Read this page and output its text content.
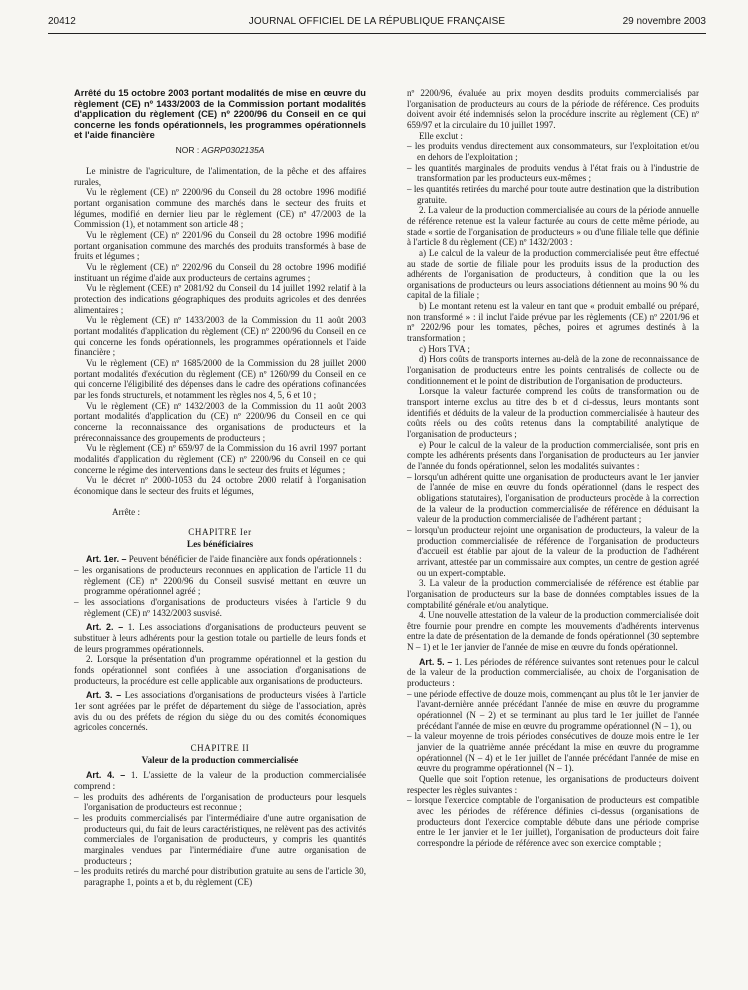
20412	JOURNAL OFFICIEL DE LA RÉPUBLIQUE FRANÇAISE	29 novembre 2003

Arrêté du 15 octobre 2003 portant modalités de mise en œuvre du règlement (CE) nº 1433/2003 de la Commission portant modalités d'application du règlement (CE) nº 2200/96 du Conseil en ce qui concerne les fonds opérationnels, les programmes opérationnels et l'aide financière

NOR : AGRP0302135A

Le ministre de l'agriculture, de l'alimentation, de la pêche et des affaires rurales,

Vu le règlement (CE) nº 2200/96 du Conseil du 28 octobre 1996 modifié portant organisation commune des marchés dans le secteur des fruits et légumes, modifié en dernier lieu par le règlement (CE) nº 47/2003 de la Commission (1), et notamment son article 48 ;

Vu le règlement (CE) nº 2201/96 du Conseil du 28 octobre 1996 modifié portant organisation commune des marchés des produits transformés à base de fruits et légumes ;

Vu le règlement (CE) nº 2202/96 du Conseil du 28 octobre 1996 modifié instituant un régime d'aide aux producteurs de certains agrumes ;

Vu le règlement (CEE) nº 2081/92 du Conseil du 14 juillet 1992 relatif à la protection des indications géographiques des produits agricoles et des denrées alimentaires ;

Vu le règlement (CE) nº 1433/2003 de la Commission du 11 août 2003 portant modalités d'application du règlement (CE) nº 2200/96 du Conseil en ce qui concerne les fonds opérationnels, les programmes opérationnels et l'aide financière ;

Vu le règlement (CE) nº 1685/2000 de la Commission du 28 juillet 2000 portant modalités d'exécution du règlement (CE) nº 1260/99 du Conseil en ce qui concerne l'éligibilité des dépenses dans le cadre des opérations cofinancées par les fonds structurels, et notamment les règles nos 4, 5, 6 et 10 ;

Vu le règlement (CE) nº 1432/2003 de la Commission du 11 août 2003 portant modalités d'application du (CE) nº 2200/96 du Conseil en ce qui concerne la reconnaissance des organisations de producteurs et la préreconnaissance des groupements de producteurs ;

Vu le règlement (CE) nº 659/97 de la Commission du 16 avril 1997 portant modalités d'application du règlement (CE) nº 2200/96 du Conseil en ce qui concerne le régime des interventions dans le secteur des fruits et légumes ;

Vu le décret nº 2000-1053 du 24 octobre 2000 relatif à l'organisation économique dans le secteur des fruits et légumes,

Arrête :

CHAPITRE Ier

Les bénéficiaires

Art. 1er. – Peuvent bénéficier de l'aide financière aux fonds opérationnels :

– les organisations de producteurs reconnues en application de l'article 11 du règlement (CE) nº 2200/96 du Conseil susvisé mettant en œuvre un programme opérationnel agréé ;

– les associations d'organisations de producteurs visées à l'article 9 du règlement (CE) nº 1432/2003 susvisé.

Art. 2. – 1. Les associations d'organisations de producteurs peuvent se substituer à leurs adhérents pour la gestion totale ou partielle de leurs fonds et de leurs programmes opérationnels.

2. Lorsque la présentation d'un programme opérationnel et la gestion du fonds opérationnel sont confiées à une association d'organisations de producteurs, la procédure est celle applicable aux organisations de producteurs.

Art. 3. – Les associations d'organisations de producteurs visées à l'article 1er sont agréées par le préfet de département du siège de l'association, après avis du ou des préfets de région du siège du ou des comités économiques agricoles concernés.

CHAPITRE II

Valeur de la production commercialisée

Art. 4. – 1. L'assiette de la valeur de la production commercialisée comprend :

– les produits des adhérents de l'organisation de producteurs pour lesquels l'organisation de producteurs est reconnue ;

– les produits commercialisés par l'intermédiaire d'une autre organisation de producteurs qui, du fait de leurs caractéristiques, ne relèvent pas des activités commerciales de l'organisation de producteurs, y compris les quantités marginales vendues par l'intermédiaire d'une autre organisation de producteurs ;

– les produits retirés du marché pour distribution gratuite au sens de l'article 30, paragraphe 1, points a et b, du règlement (CE)

nº 2200/96, évaluée au prix moyen desdits produits commercialisés par l'organisation de producteurs au cours de la période de référence. Ces produits doivent avoir été indemnisés selon la procédure inscrite au règlement (CE) nº 659/97 et la circulaire du 10 juillet 1997.

Elle exclut :

– les produits vendus directement aux consommateurs, sur l'exploitation et/ou en dehors de l'exploitation ;

– les quantités marginales de produits vendus à l'état frais ou à l'industrie de transformation par les producteurs eux-mêmes ;

– les quantités retirées du marché pour toute autre destination que la distribution gratuite.

2. La valeur de la production commercialisée au cours de la période annuelle de référence retenue est la valeur facturée au cours de cette même période, au stade « sortie de l'organisation de producteurs » ou d'une filiale telle que définie à l'article 8 du règlement (CE) nº 1432/2003 :

a) Le calcul de la valeur de la production commercialisée peut être effectué au stade de sortie de filiale pour les produits issus de la production des adhérents de l'organisation de producteurs, à condition que la ou les organisations de producteurs ou leurs associations détiennent au moins 90 % du capital de la filiale ;

b) Le montant retenu est la valeur en tant que « produit emballé ou préparé, non transformé » : il inclut l'aide prévue par les règlements (CE) nº 2201/96 et nº 2202/96 pour les tomates, pêches, poires et agrumes destinés à la transformation ;

c) Hors TVA ;

d) Hors coûts de transports internes au-delà de la zone de reconnaissance de l'organisation de producteurs entre les points centralisés de collecte ou de conditionnement et le point de distribution de l'organisation de producteurs.

Lorsque la valeur facturée comprend les coûts de transformation ou de transport interne exclus au titre des b et d ci-dessus, leurs montants sont identifiés et déduits de la valeur de la production commercialisée à hauteur des coûts réels ou des coûts retenus dans la comptabilité analytique de l'organisation de producteurs ;

e) Pour le calcul de la valeur de la production commercialisée, sont pris en compte les adhérents présents dans l'organisation de producteurs au 1er janvier de l'année du fonds opérationnel, selon les modalités suivantes :

– lorsqu'un adhérent quitte une organisation de producteurs avant le 1er janvier de l'année de mise en œuvre du fonds opérationnel (dans le respect des obligations statutaires), l'organisation de producteurs procède à la correction de la valeur de la production commercialisée de référence en déduisant la valeur de la production commercialisée de l'adhérent partant ;

– lorsqu'un producteur rejoint une organisation de producteurs, la valeur de la production commercialisée de référence de l'organisation de producteurs d'accueil est établie par ajout de la valeur de la production de l'adhérent arrivant, attestée par un commissaire aux comptes, un centre de gestion agréé ou un expert-comptable.

3. La valeur de la production commercialisée de référence est établie par l'organisation de producteurs sur la base de données comptables issues de la comptabilité générale et/ou analytique.

4. Une nouvelle attestation de la valeur de la production commercialisée doit être fournie pour prendre en compte les mouvements d'adhérents intervenus entre la date de présentation de la demande de fonds opérationnel (30 septembre N – 1) et le 1er janvier de l'année de mise en œuvre du fonds opérationnel.

Art. 5. – 1. Les périodes de référence suivantes sont retenues pour le calcul de la valeur de la production commercialisée, au choix de l'organisation de producteurs :

– une période effective de douze mois, commençant au plus tôt le 1er janvier de l'avant-dernière année précédant l'année de mise en œuvre du programme opérationnel (N – 2) et se terminant au plus tard le 1er juillet de l'année précédant l'année de mise en œuvre du programme opérationnel (N – 1), ou

– la valeur moyenne de trois périodes consécutives de douze mois entre le 1er janvier de la quatrième année précédant la mise en œuvre du programme opérationnel (N – 4) et le 1er juillet de l'année précédant l'année de mise en œuvre du programme opérationnel (N – 1).

Quelle que soit l'option retenue, les organisations de producteurs doivent respecter les règles suivantes :

– lorsque l'exercice comptable de l'organisation de producteurs est compatible avec les périodes de référence définies ci-dessus (organisations de producteurs dont l'exercice comptable débute dans une période comprise entre le 1er janvier et le 1er juillet), l'organisation de producteurs doit faire correspondre la période de référence avec son exercice comptable ;
